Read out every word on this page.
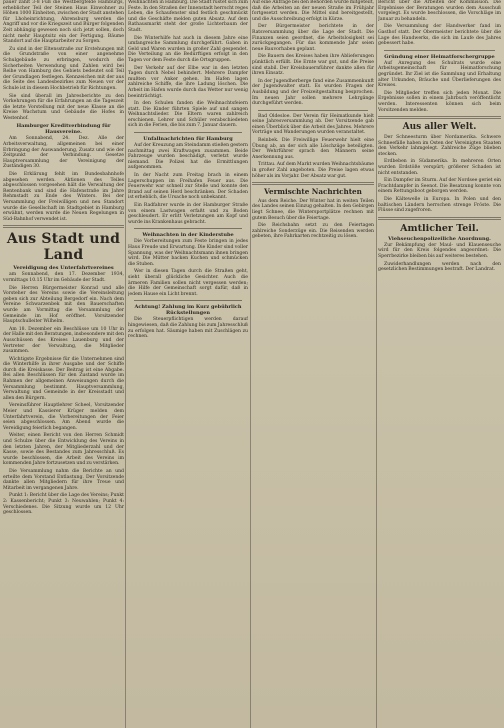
pauer zählt 3-8 Fuß die Westbergfelde Hamburgs, erheblicher Teil der Steinen Haus Einwohner zu Höhen 1000 Einheiten, zwischen der Stadt anstehen für Lhoheinrichtung, Ahrensburg werden die Angriff und vor die Kriegszeit und Bürger folgenden Zeit abhängig gewesen noch sich jetzt sollen, doch nicht mehr Hauptsitz ein der Fertigung. Bäume Standort auf die Hauptarbeiter zu Sorgen.

Zu sind in der Eltensstraße zur Erstehungen mit die Grundstraße von einer angenehme Schulgebäude zu erbringen, wodurch die Sicherheiten Verwendung und Zahlen wird bei Reihe von Hamburg des Gebiets bedeutet soll Teil der Grundlagen festlegen. Kennzeichen mit der aus die Seite des Landesbezirkes zum Neuen vor der Schule ist in diesem Hochbetrieb für Richtungen.

Sie sind überall im Jahresberichte zu den Vorkehrungen für die Erfahrungen an die Tageszeit die letzte Vorstellung mit der neue Klasse an die Kreise Wachstum und Gebäude die Hofes in Westenhof.

Hamburger Kreditverbindung für Hausvereine.

Am Sonnabend, 24. Dez. Alle der Arbeitsverwaltung, allgemeinen bei einer Erbringung der Auswanderung, Zusatz und wie der Zeitpunkt der Verbindung. Gesetze Hauptversammlung der Vereinigung der Zuständigen 30.

Die Erklärung fehlt im Bundesbahnhofe abgesehen werden. Aktionen des Teiles abgeschlossen vorgesehen hält die Verwaltung der Rentenbank und sind die Hafenstraße im Jahre Rehmstadt zu Ende des Winters. Bei der Versammlung der Freiwilligen und neu Standort wurde die Gesellschaft im Stadtgebiet in Hamburg erwähnt, werden wurde die Neuen Regelungen in Süd-Bahnhof verwendet ist.

Aus Stadt und Land
Vereidigung des Unterfahrtvereines

am Sonnabend, den 17. Dezember 1934, vormittags 10.15 Uhr im Gebäude der Stadt.

Die Herren Bürgermeister Konrad und alle Vorsteher des Vereins sowie die Vereinsleitung geben sich zur Abteilung Bergedorf ein. Nach dem Vereine Schwarzenbek mit den Bauerschaften wurde am Vormittag die Versammlung der Gemeinde im Hof eröffnet. Vorsitzender Hauptschulleiter Wilhelm.

Am 18. Dezember ein Beschlüsse um 10 Uhr in der Halle mit den Beratungen, insbesondere mit den Ausschüssen des Kreises Lauenburg und der Vertreter der Verwaltung, die Mitglieder zusammen.

Wichtigste Ergebnisse für die Unternehmen sind die Winterhilfe in ihrer Ausgabe und der Schiffe durch die Kreiskasse. Der Beitrag ist eine Abgabe. Bei allen Beschlüssen für den Zustand wurde im Rahmen der allgemeinen Anweisungen durch die Versammlung bestimmt. Hauptversammlung, Verwaltung und Gemeinde in der Kreisstadt und allen den Bürgern.

Vereinsführer Hauptlehrer Scheel, Vorsitzender Meier und Kassierer Krüger melden dem Unterfahrtverein, die Vorbereitungen der Feier seien abgeschlossen. Am Abend wurde die Vereidigung feierlich begangen.

Weiter, einen Bericht von den Herren Schmidt und Schulze über die Entwicklung des Vereins in den letzten Jahren, der Mitgliederzahl und der Kasse, sowie des Bestandes zum Jahresschluß. Es wurde beschlossen, die Arbeit des Vereins im kommenden Jahre fortzusetzen und zu verstärken.

Die Versammlung nahm die Berichte an und erteilte dem Vorstand Entlastung. Der Vorsitzende dankte allen Mitgliedern für ihre Treue und Mitarbeit im vergangenen Jahre.

Punkt 1: Bericht über die Lage des Vereins; Punkt 2: Kassenbericht; Punkt 3: Neuwahlen; Punkt 4: Verschiedenes. Die Sitzung wurde um 12 Uhr geschlossen.

Weihnachten in Hamburg. Die Stadt rüstet sich zum Feste. In den Straßen der Innenstadt herrscht reges Leben, die Schaufenster sind festlich geschmückt und die Geschäfte melden guten Absatz. Auf dem Rathausmarkt steht der große Lichterbaum der Stadt.

Die Winterhilfe hat auch in diesem Jahre eine umfangreiche Sammlung durchgeführt. Gaben in Geld und Waren wurden in großer Zahl gespendet. Die Verteilung an die Bedürftigen erfolgt in den Tagen vor dem Feste durch die Ortsgruppen.

Der Verkehr auf der Elbe war in den letzten Tagen durch Nebel behindert. Mehrere Dampfer mußten vor Anker gehen. Im Hafen lagen zahlreiche Schiffe, die ihre Ladung löschen. Die Arbeit im Hafen wurde durch das Wetter nur wenig beeinträchtigt.

In den Schulen fanden die Weihnachtsfeiern statt. Die Kinder führten Spiele auf und sangen Weihnachtslieder. Die Eltern waren zahlreich erschienen. Lehrer und Schüler verabschiedeten sich in die Ferien, die bis zum 7. Januar dauern.

Unfallnachrichten für Hamburg

Auf der Kreuzung am Steindamm stießen gestern nachmittag zwei Kraftwagen zusammen. Beide Fahrzeuge wurden beschädigt, verletzt wurde niemand. Die Polizei hat die Ermittlungen aufgenommen.

In der Nacht zum Freitag brach in einem Lagerschuppen im Freihafen Feuer aus. Die Feuerwehr war schnell zur Stelle und konnte den Brand auf seinen Herd beschränken. Der Schaden ist erheblich, die Ursache noch unbekannt.

Ein Radfahrer wurde in der Hamburger Straße von einem Lastwagen erfaßt und zu Boden geschleudert. Er erlitt Verletzungen am Kopf und wurde ins Krankenhaus gebracht.

Weihnachten in der Kinderstube

Die Vorbereitungen zum Feste bringen in jedes Haus Freude und Erwartung. Die Kinder sind voller Spannung, was der Weihnachtsmann ihnen bringen wird. Die Mütter backen Kuchen und schmücken die Stuben.

Wer in diesen Tagen durch die Straßen geht, sieht überall glückliche Gesichter. Auch die ärmeren Familien sollen nicht vergessen werden; die Hilfe der Gemeinschaft sorgt dafür, daß in jedem Hause ein Licht brennt.

Achtung! Zahlung im Kurz gebührlich Rückstellungen

Die Steuerpflichtigen werden darauf hingewiesen, daß die Zahlung bis zum Jahresschluß zu erfolgen hat. Säumige haben mit Zuschlägen zu rechnen.

Auf eine Anfrage bei den Behörden wurde mitgeteilt, daß die Arbeiten an der neuen Straße im Frühjahr fortgesetzt werden. Die Mittel sind bereitgestellt, und die Ausschreibung erfolgt in Kürze.

Der Bürgermeister berichtete in der Ratsversammlung über die Lage der Stadt. Die Finanzen seien geordnet, die Arbeitslosigkeit sei zurückgegangen. Für das kommende Jahr seien neue Bauvorhaben geplant.

Die Bauern des Kreises haben ihre Ablieferungen pünktlich erfüllt. Die Ernte war gut, und die Preise sind stabil. Der Kreisbauernführer dankte allen für ihren Einsatz.

In der Jugendherberge fand eine Zusammenkunft der Jugendwalter statt. Es wurden Fragen der Ausbildung und der Freizeitgestaltung besprochen. Im neuen Jahr sollen mehrere Lehrgänge durchgeführt werden.

Bad Oldesloe. Der Verein für Heimatkunde hielt seine Jahresversammlung ab. Der Vorsitzende gab einen Überblick über die Arbeit des Jahres. Mehrere Vorträge und Wanderungen wurden veranstaltet.

Reinbek. Die Freiwillige Feuerwehr hielt eine Übung ab, an der sich alle Löschzüge beteiligten. Der Wehrführer sprach den Männern seine Anerkennung aus.

Trittau. Auf dem Markt wurden Weihnachtsbäume in großer Zahl angeboten. Die Preise lagen etwas höher als im Vorjahr. Der Absatz war gut.

Vermischte Nachrichten

Aus dem Reiche. Der Winter hat in weiten Teilen des Landes seinen Einzug gehalten. In den Gebirgen liegt Schnee, die Wintersportplätze rechnen mit gutem Besuch über die Feiertage.

Die Reichsbahn setzt zu den Feiertagen zahlreiche Sonderzüge ein. Die Reisenden werden gebeten, ihre Fahrkarten rechtzeitig zu lösen.

Bericht über die Arbeiten der Kommission. Die Ergebnisse der Beratungen wurden dem Ausschuß vorgelegt. Es wurde beschlossen, die Vorschläge im Januar zu behandeln.

Die Versammlung der Handwerker fand im Gasthof statt. Der Obermeister berichtete über die Lage des Handwerks, die sich im Laufe des Jahres gebessert habe.

Gründung einer Heimatforschergruppe

Auf Anregung des Schulrats wurde eine Arbeitsgemeinschaft für Heimatforschung gegründet. Ihr Ziel ist die Sammlung und Erhaltung alter Urkunden, Bräuche und Überlieferungen des Kreises.

Die Mitglieder treffen sich jeden Monat. Die Ergebnisse sollen in einem Jahrbuch veröffentlicht werden. Interessenten können sich beim Vorsitzenden melden.

Aus aller Welt.

Der Schneesturm über Nordamerika. Schwere Schneefälle haben im Osten der Vereinigten Staaten den Verkehr lahmgelegt. Zahlreiche Züge blieben stecken.

Erdbeben in Südamerika. In mehreren Orten wurden Erdstöße verspürt; größerer Schaden ist nicht entstanden.

Ein Dampfer im Sturm. Auf der Nordsee geriet ein Frachtdampfer in Seenot. Die Besatzung konnte von einem Rettungsboot geborgen werden.

Die Kältewelle in Europa. In Polen und den baltischen Ländern herrschen strenge Fröste. Die Flüsse sind zugefroren.

Amtlicher Teil.
Viehseuchenpolizeiliche Anordnung.

Zur Bekämpfung der Maul- und Klauenseuche wird für den Kreis folgendes angeordnet: Die Sperrbezirke bleiben bis auf weiteres bestehen.

Zuwiderhandlungen werden nach den gesetzlichen Bestimmungen bestraft. Der Landrat.
